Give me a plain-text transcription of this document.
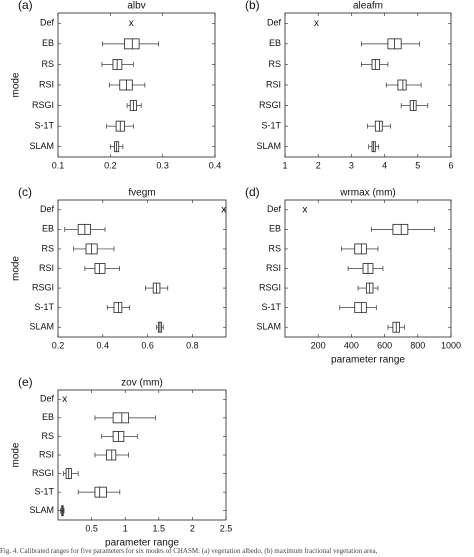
(a)	albv
mode
Def
EB
RS
RSI
RSGI
S-1T
SLAM
0.1	0.2	0.3	0.4
x
(b)	aleafm
Def
EB
RS
RSI
RSGI
S-1T
SLAM
1	2	3	4	5	6
x
(c)	fvegm
mode
Def
EB
RS
RSI
RSGI
S-1T
SLAM
0.2	0.4	0.6	0.8
x
(d)	wrmax (mm)
parameter range
Def
EB
RS
RSI
RSGI
S-1T
SLAM
200 400 600 800 1000
x
(e)	zov (mm)
mode
parameter range
Def
EB
RS
RSI
RSGI
S-1T
SLAM
0.5	1	1.5	2	2.5
x
Fig. 4. Calibrated ranges for five parameters for six modes of CHASM: (a) vegetation albedo, (b) maximum fractional vegetation area,
